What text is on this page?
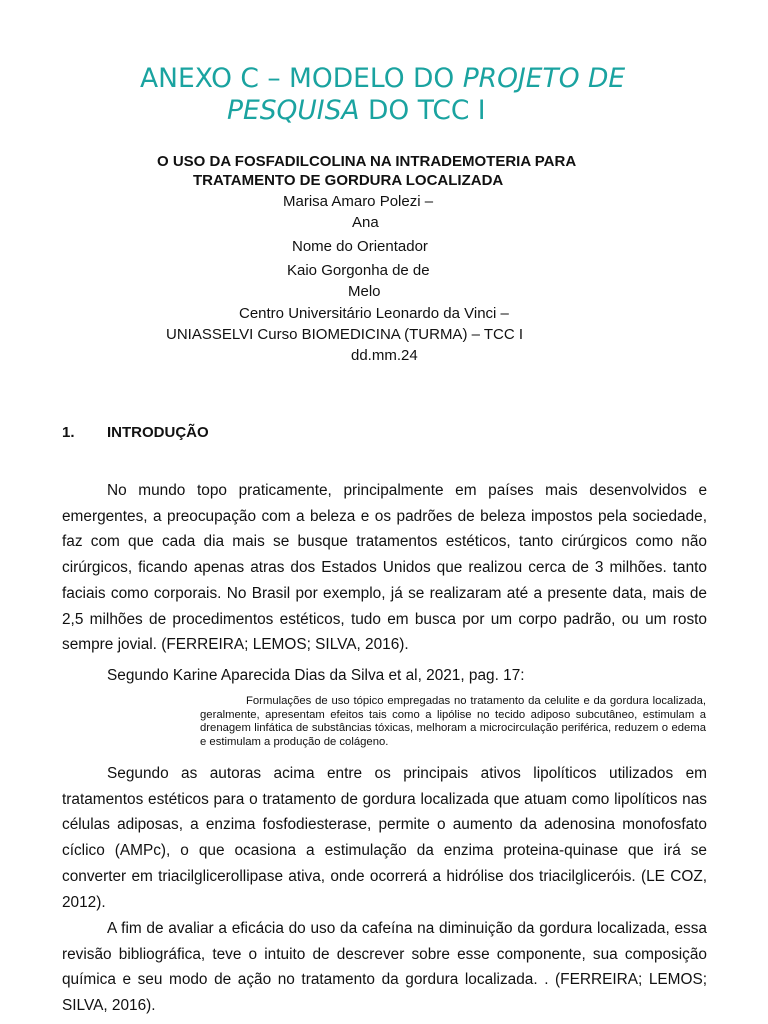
ANEXO C – MODELO DO PROJETO DE
PESQUISA DO TCC I
O USO DA FOSFADILCOLINA NA INTRADEMOTERIA PARA
TRATAMENTO DE GORDURA LOCALIZADA
Marisa Amaro Polezi –
Ana
Nome do Orientador
Kaio Gorgonha de de
Melo
Centro Universitário Leonardo da Vinci –
UNIASSELVI Curso BIOMEDICINA (TURMA) – TCC I
dd.mm.24
1. INTRODUÇÃO

No mundo topo praticamente, principalmente em países mais desenvolvidos e emergentes, a preocupação com a beleza e os padrões de beleza impostos pela sociedade, faz com que cada dia mais se busque tratamentos estéticos, tanto cirúrgicos como não cirúrgicos, ficando apenas atras dos Estados Unidos que realizou cerca de 3 milhões. tanto faciais como corporais. No Brasil por exemplo, já se realizaram até a presente data, mais de 2,5 milhões de procedimentos estéticos, tudo em busca por um corpo padrão, ou um rosto sempre jovial. (FERREIRA; LEMOS; SILVA, 2016).

Segundo Karine Aparecida Dias da Silva et al, 2021, pag. 17:

Formulações de uso tópico empregadas no tratamento da celulite e da gordura localizada, geralmente, apresentam efeitos tais como a lipólise no tecido adiposo subcutâneo, estimulam a drenagem linfática de substâncias tóxicas, melhoram a microcirculação periférica, reduzem o edema e estimulam a produção de colágeno.

Segundo as autoras acima entre os principais ativos lipolíticos utilizados em tratamentos estéticos para o tratamento de gordura localizada que atuam como lipolíticos nas células adiposas, a enzima fosfodiesterase, permite o aumento da adenosina monofosfato cíclico (AMPc), o que ocasiona a estimulação da enzima proteina-quinase que irá se converter em triacilglicerollipase ativa, onde ocorrerá a hidrólise dos triacilgliceróis. (LE COZ, 2012).

A fim de avaliar a eficácia do uso da cafeína na diminuição da gordura localizada, essa revisão bibliográfica, teve o intuito de descrever sobre esse componente, sua composição química e seu modo de ação no tratamento da gordura localizada. . (FERREIRA; LEMOS; SILVA, 2016).
